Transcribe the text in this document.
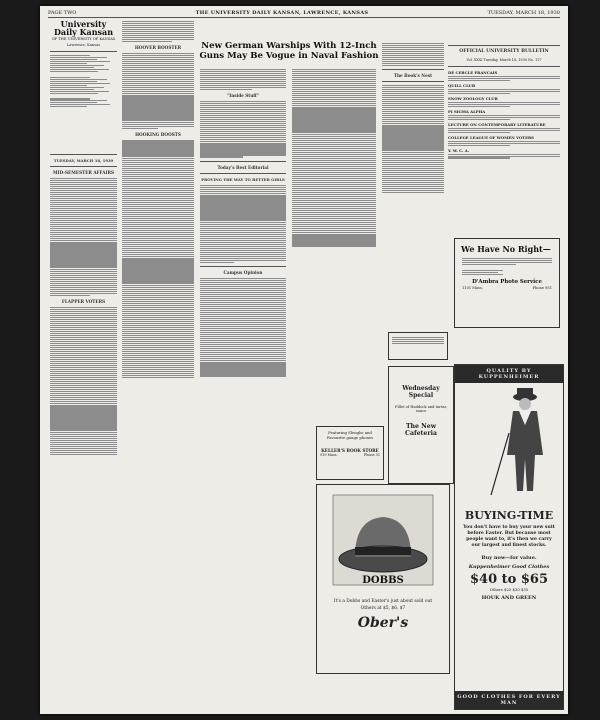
PAGE TWO	THE UNIVERSITY DAILY KANSAN, LAWRENCE, KANSAS	TUESDAY, MARCH 18, 1930
University Daily Kansan
OF THE UNIVERSITY OF KANSAS
Lawrence, Kansas
TUESDAY, MARCH 18, 1930
MID-SEMESTER AFFAIRS
FLAPPER VOTERS
HOOVER BOOSTER
HOOKING BOOSTS
New German Warships With 12-Inch
Guns May Be Vogue in Naval Fashion
"Inside Stuff"
Today's Best Editorial
PROVING THE WAY TO BETTER GIRLS
Campus Opinion
The Book's Nest
OFFICIAL UNIVERSITY BULLETIN
Vol. XXXI Tuesday, March 18, 1930 No. 117
DE CERCLE FRANCAIS
QUILL CLUB
SNOW ZOOLOGY CLUB
PI SIGMA ALPHA
LECTURE ON CONTEMPORARY LITERATURE
COLLEGE LEAGUE OF WOMEN VOTERS
Y. W. C. A.
We Have No Right—
D'Ambra Photo Service
1101 Mass.	Phone 951
Wednesday
Special
Fillet of Haddock and tartar, sauce
The New Cafeteria
Featuring Slenghs and Favourite gauge phones
KELLER'S BOOK STORE
919 Mass.	Phone 31
DOBBS
It's a Dobbs and Easter's just about sold out
Others at $5, $6, $7
Ober's
QUALITY BY KUPPENHEIMER
BUYING-TIME
You don't have to buy your new suit before Easter. But because most people want to, it's then we carry our largest and finest stocks.
Buy now—for value.
Kuppenheimer Good Clothes
$40 to $65
Others $25 $30 $35
HOUK AND GREEN
GOOD CLOTHES FOR EVERY MAN
